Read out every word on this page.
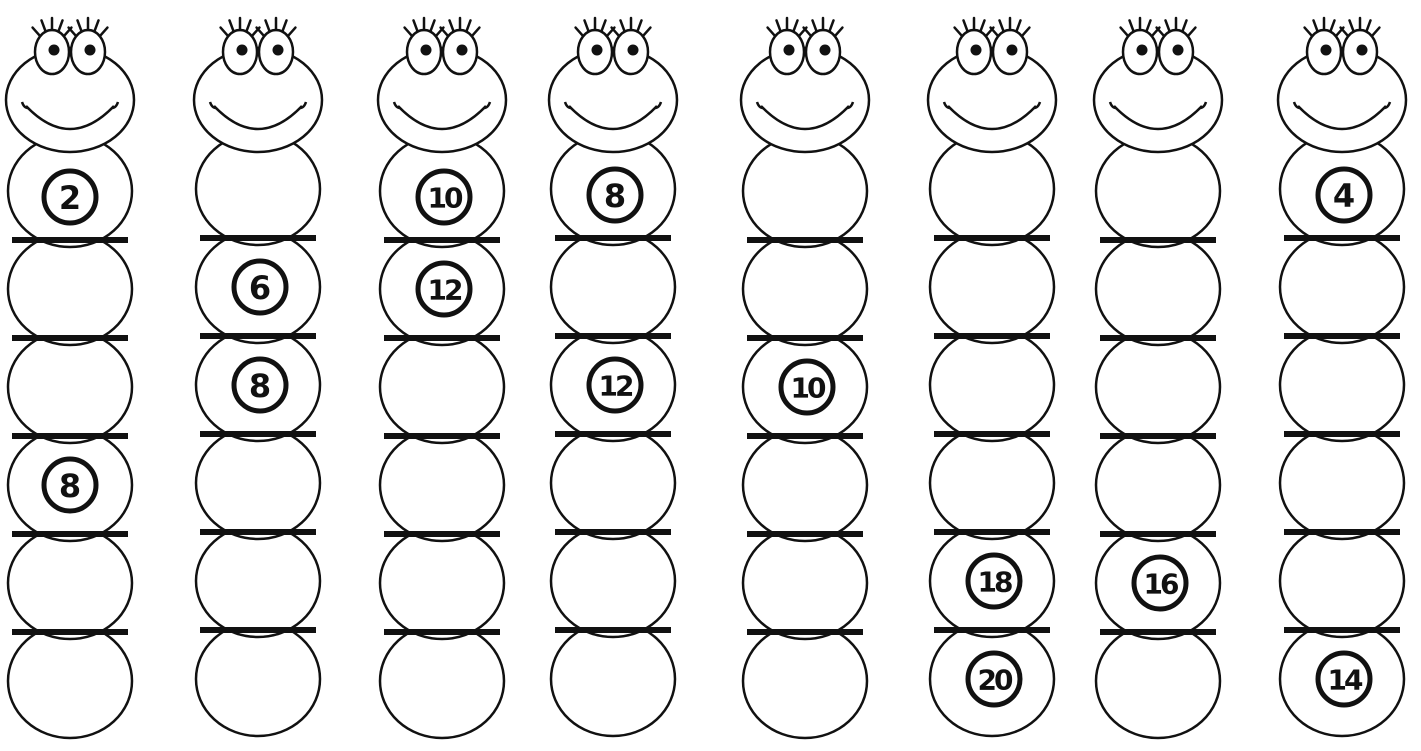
2
8
6
8
10
12
8
12	10
18
20
16
4
14
